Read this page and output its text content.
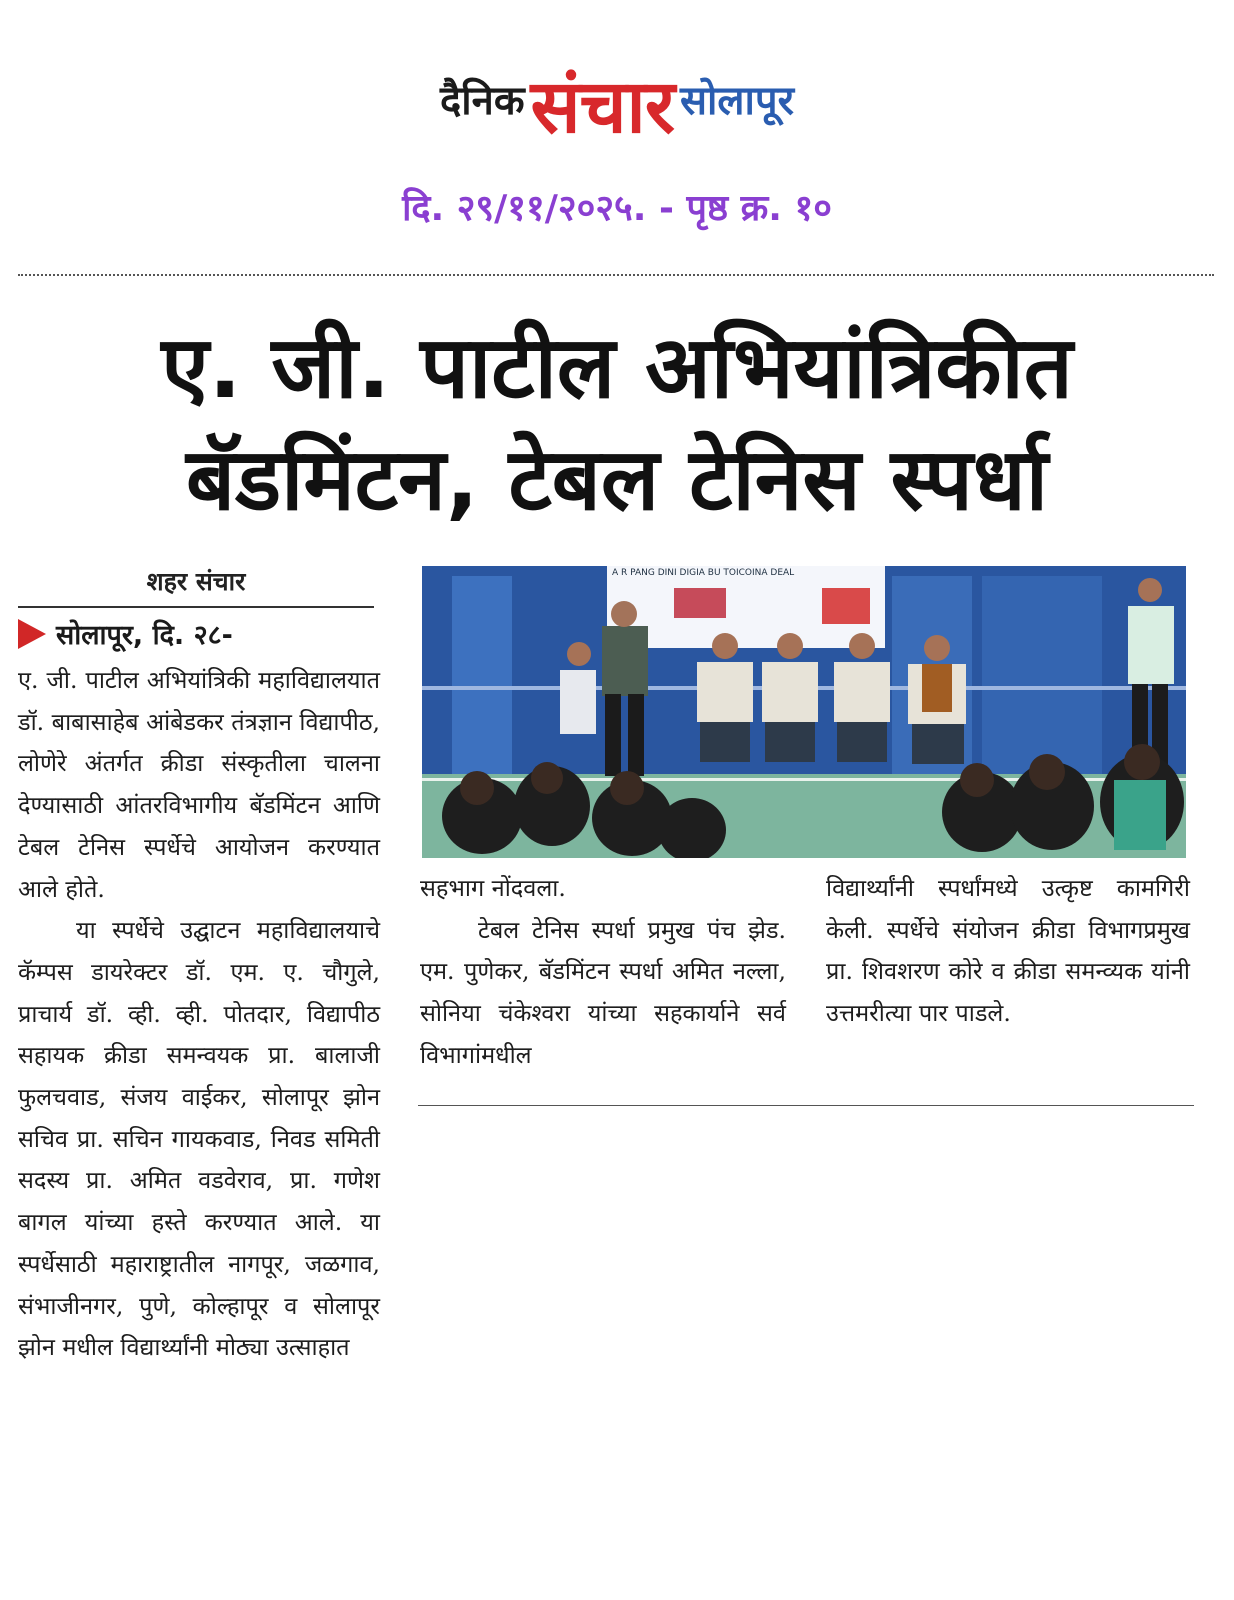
दैनिक संचार सोलापूर
दि. २९/११/२०२५. - पृष्ठ क्र. १०
ए. जी. पाटील अभियांत्रिकीत
बॅडमिंटन, टेबल टेनिस स्पर्धा
शहर संचार
सोलापूर, दि. २८-

ए. जी. पाटील अभियांत्रिकी महाविद्यालयात डॉ. बाबासाहेब आंबेडकर तंत्रज्ञान विद्यापीठ, लोणेरे अंतर्गत क्रीडा संस्कृतीला चालना देण्यासाठी आंतरविभागीय बॅडमिंटन आणि टेबल टेनिस स्पर्धेचे आयोजन करण्यात आले होते.

या स्पर्धेचे उद्घाटन महाविद्यालयाचे कॅम्पस डायरेक्टर डॉ. एम. ए. चौगुले, प्राचार्य डॉ. व्ही. व्ही. पोतदार, विद्यापीठ सहायक क्रीडा समन्वयक प्रा. बालाजी फुलचवाड, संजय वाईकर, सोलापूर झोन सचिव प्रा. सचिन गायकवाड, निवड समिती सदस्य प्रा. अमित वडवेराव, प्रा. गणेश बागल यांच्या हस्ते करण्यात आले. या स्पर्धेसाठी महाराष्ट्रातील नागपूर, जळगाव, संभाजीनगर, पुणे, कोल्हापूर व सोलापूर झोन मधील विद्यार्थ्यांनी मोठ्या उत्साहात

A R PANG DINI DIGIA BU TOICOINA DEAL

सहभाग नोंदवला.

टेबल टेनिस स्पर्धा प्रमुख पंच झेड. एम. पुणेकर, बॅडमिंटन स्पर्धा अमित नल्ला, सोनिया चंकेश्वरा यांच्या सहकार्याने सर्व विभागांमधील

विद्यार्थ्यांनी स्पर्धांमध्ये उत्कृष्ट कामगिरी केली. स्पर्धेचे संयोजन क्रीडा विभागप्रमुख प्रा. शिवशरण कोरे व क्रीडा समन्व्यक यांनी उत्तमरीत्या पार पाडले.
